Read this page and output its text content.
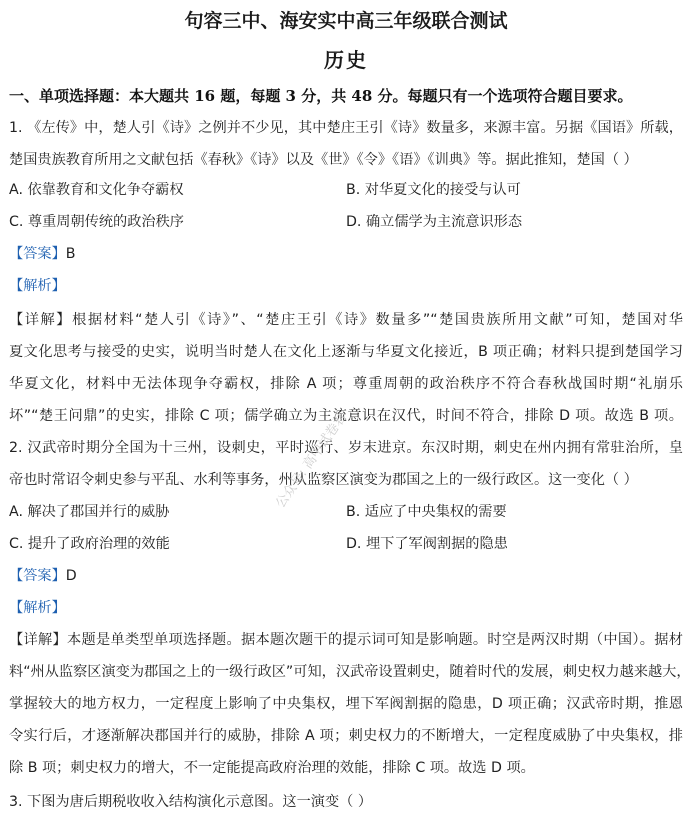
句容三中、海安实中高三年级联合测试
历史
一、单项选择题：本大题共 16 题，每题 3 分，共 48 分。每题只有一个选项符合题目要求。
1. 《左传》中，楚人引《诗》之例并不少见，其中楚庄王引《诗》数量多，来源丰富。另据《国语》所载，
楚国贵族教育所用之文献包括《春秋》《诗》以及《世》《令》《语》《训典》等。据此推知，楚国（ ）
A. 依靠教育和文化争夺霸权	B. 对华夏文化的接受与认可
C. 尊重周朝传统的政治秩序	D. 确立儒学为主流意识形态
【答案】B
【解析】
【详解】根据材料“楚人引《诗》”、“楚庄王引《诗》数量多”“楚国贵族所用文献”可知，楚国对华
夏文化思考与接受的史实，说明当时楚人在文化上逐渐与华夏文化接近，B 项正确；材料只提到楚国学习
华夏文化，材料中无法体现争夺霸权，排除 A 项；尊重周朝的政治秩序不符合春秋战国时期“礼崩乐
坏”“楚王问鼎”的史实，排除 C 项；儒学确立为主流意识在汉代，时间不符合，排除 D 项。故选 B 项。
2. 汉武帝时期分全国为十三州，设刺史，平时巡行、岁末进京。东汉时期，刺史在州内拥有常驻治所，皇
帝也时常诏令刺史参与平乱、水利等事务，州从监察区演变为郡国之上的一级行政区。这一变化（ ）
A. 解决了郡国并行的威胁	B. 适应了中央集权的需要
C. 提升了政府治理的效能	D. 埋下了军阀割据的隐患
【答案】D
【解析】
【详解】本题是单类型单项选择题。据本题次题干的提示词可知是影响题。时空是两汉时期（中国）。据材
料“州从监察区演变为郡国之上的一级行政区”可知，汉武帝设置刺史，随着时代的发展，刺史权力越来越大，
掌握较大的地方权力，一定程度上影响了中央集权，埋下军阀割据的隐患，D 项正确；汉武帝时期，推恩
令实行后，才逐渐解决郡国并行的威胁，排除 A 项；刺史权力的不断增大，一定程度威胁了中央集权，排
除 B 项；刺史权力的增大，不一定能提高政府治理的效能，排除 C 项。故选 D 项。
3. 下图为唐后期税收收入结构演化示意图。这一演变（ ）
公众号: 高中试卷君
